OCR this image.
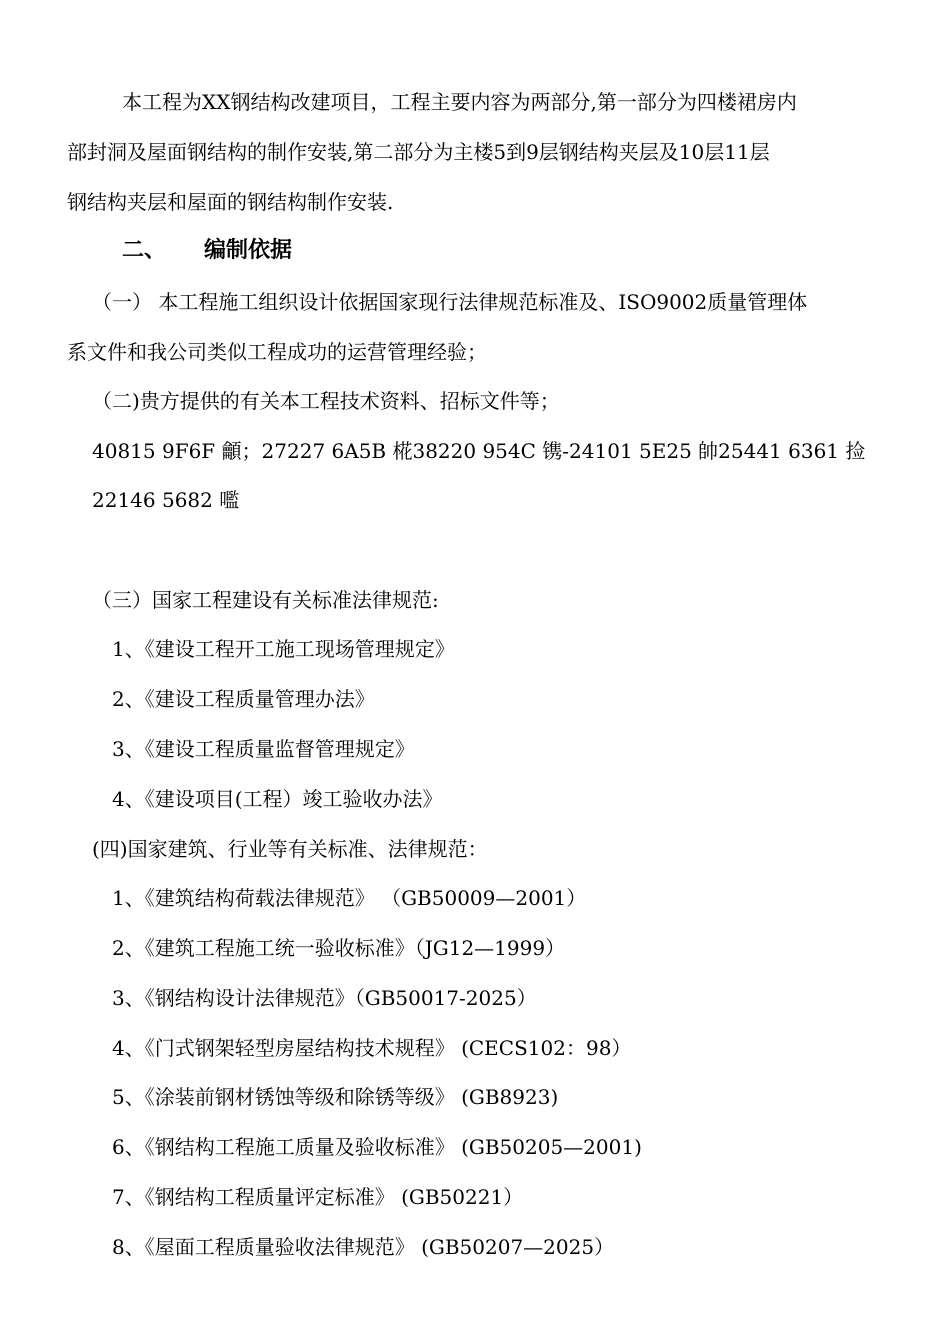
本工程为XX钢结构改建项目，工程主要内容为两部分,第一部分为四楼裙房内
部封洞及屋面钢结构的制作安装,第二部分为主楼5到9层钢结构夹层及10层11层
钢结构夹层和屋面的钢结构制作安装.
二、 编制依据
（一） 本工程施工组织设计依据国家现行法律规范标准及、ISO9002质量管理体
系文件和我公司类似工程成功的运营管理经验；
（二)贵方提供的有关本工程技术资料、招标文件等；
40815 9F6F 龥；27227 6A5B 椛38220 954C 镌-24101 5E25 帥25441 6361 捡
22146 5682 嚂
（三）国家工程建设有关标准法律规范:
1、《建设工程开工施工现场管理规定》
2、《建设工程质量管理办法》
3、《建设工程质量监督管理规定》
4、《建设项目(工程）竣工验收办法》
(四)国家建筑、行业等有关标准、法律规范：
1、《建筑结构荷载法律规范》 （GB50009—2001）
2、《建筑工程施工统一验收标准》（JG12—1999）
3、《钢结构设计法律规范》（GB50017-2025）
4、《门式钢架轻型房屋结构技术规程》 (CECS102：98）
5、《涂装前钢材锈蚀等级和除锈等级》 (GB8923)
6、《钢结构工程施工质量及验收标准》 (GB50205—2001)
7、《钢结构工程质量评定标准》 (GB50221）
8、《屋面工程质量验收法律规范》 (GB50207—2025）
